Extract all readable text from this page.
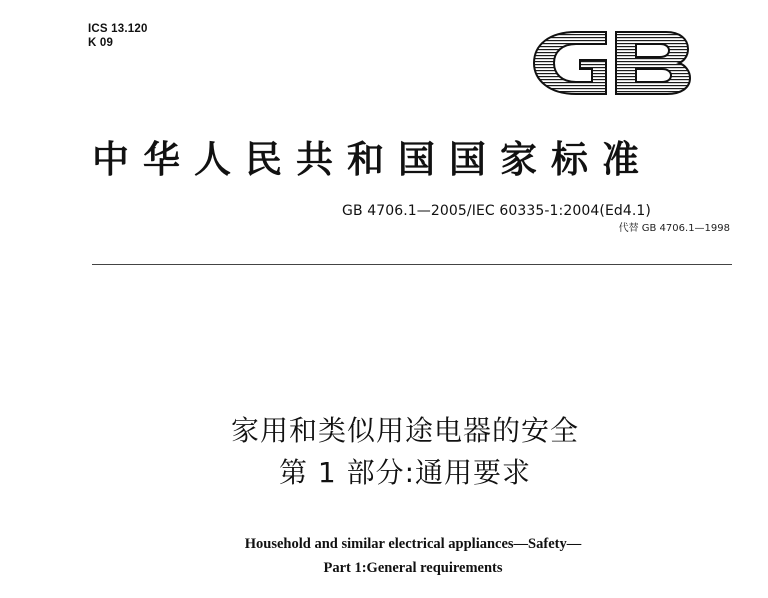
ICS 13.120
K 09
中华人民共和国国家标准
GB 4706.1—2005/IEC 60335-1:2004(Ed4.1)
代替 GB 4706.1—1998
家用和类似用途电器的安全
第 1 部分:通用要求
Household and similar electrical appliances—Safety—
Part 1:General requirements
